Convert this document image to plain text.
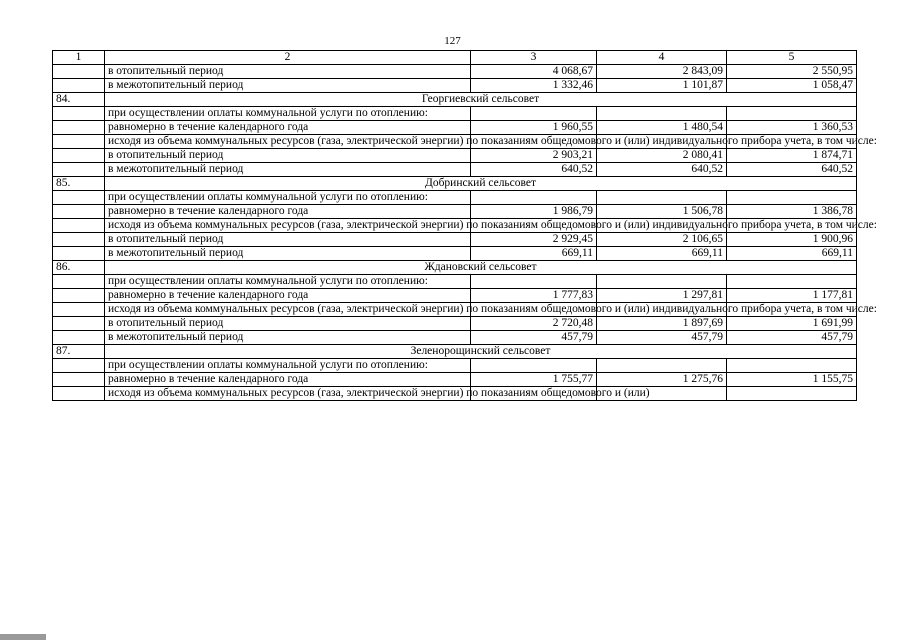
127
1	2	3	4	5
	в отопительный период	4 068,67	2 843,09	2 550,95
	в межотопительный период	1 332,46	1 101,87	1 058,47
84.	Георгиевский сельсовет			
	при осуществлении оплаты коммунальной услуги по отоплению:			
	равномерно в течение календарного года	1 960,55	1 480,54	1 360,53
	исходя из объема коммунальных ресурсов (газа, электрической энергии) по показаниям общедомового и (или) индивидуального прибора учета, в том числе:			
	в отопительный период	2 903,21	2 080,41	1 874,71
	в межотопительный период	640,52	640,52	640,52
85.	Добринский сельсовет			
	при осуществлении оплаты коммунальной услуги по отоплению:			
	равномерно в течение календарного года	1 986,79	1 506,78	1 386,78
	исходя из объема коммунальных ресурсов (газа, электрической энергии) по показаниям общедомового и (или) индивидуального прибора учета, в том числе:			
	в отопительный период	2 929,45	2 106,65	1 900,96
	в межотопительный период	669,11	669,11	669,11
86.	Ждановский сельсовет			
	при осуществлении оплаты коммунальной услуги по отоплению:			
	равномерно в течение календарного года	1 777,83	1 297,81	1 177,81
	исходя из объема коммунальных ресурсов (газа, электрической энергии) по показаниям общедомового и (или) индивидуального прибора учета, в том числе:			
	в отопительный период	2 720,48	1 897,69	1 691,99
	в межотопительный период	457,79	457,79	457,79
87.	Зеленорощинский сельсовет			
	при осуществлении оплаты коммунальной услуги по отоплению:			
	равномерно в течение календарного года	1 755,77	1 275,76	1 155,75
	исходя из объема коммунальных ресурсов (газа, электрической энергии) по показаниям общедомового и (или)			
